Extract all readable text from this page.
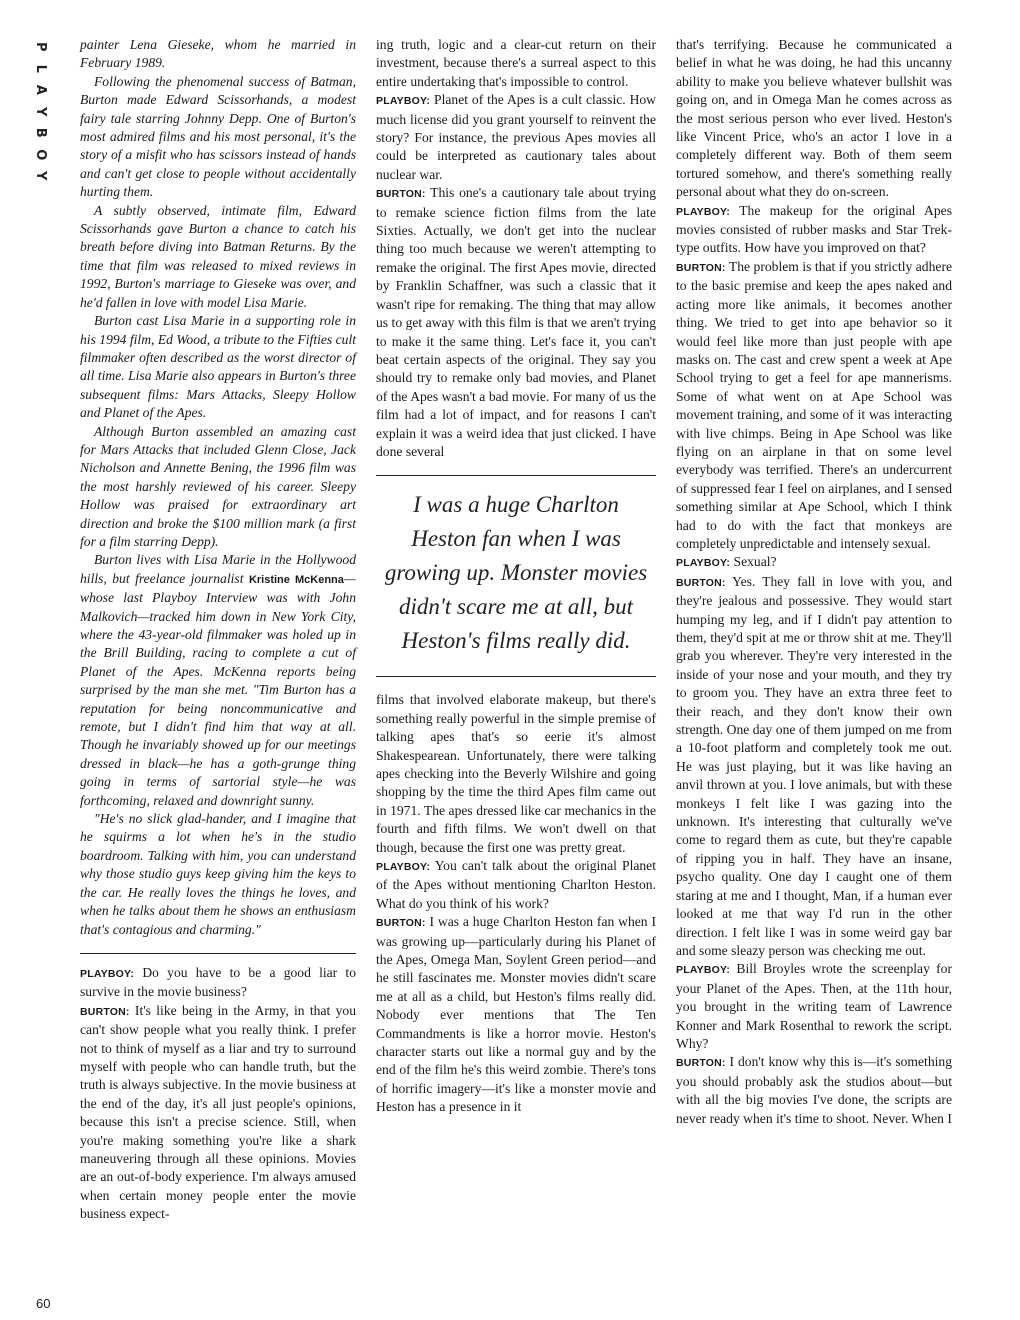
P
L
A
Y
B
O
Y
60

painter Lena Gieseke, whom he married in February 1989.

Following the phenomenal success of Batman, Burton made Edward Scissorhands, a modest fairy tale starring Johnny Depp. One of Burton's most admired films and his most personal, it's the story of a misfit who has scissors instead of hands and can't get close to people without accidentally hurting them.

A subtly observed, intimate film, Edward Scissorhands gave Burton a chance to catch his breath before diving into Batman Returns. By the time that film was released to mixed reviews in 1992, Burton's marriage to Gieseke was over, and he'd fallen in love with model Lisa Marie.

Burton cast Lisa Marie in a supporting role in his 1994 film, Ed Wood, a tribute to the Fifties cult filmmaker often described as the worst director of all time. Lisa Marie also appears in Burton's three subsequent films: Mars Attacks, Sleepy Hollow and Planet of the Apes.

Although Burton assembled an amazing cast for Mars Attacks that included Glenn Close, Jack Nicholson and Annette Bening, the 1996 film was the most harshly reviewed of his career. Sleepy Hollow was praised for extraordinary art direction and broke the $100 million mark (a first for a film starring Depp).

Burton lives with Lisa Marie in the Hollywood hills, but freelance journalist Kristine McKenna—whose last Playboy Interview was with John Malkovich—tracked him down in New York City, where the 43-year-old filmmaker was holed up in the Brill Building, racing to complete a cut of Planet of the Apes. McKenna reports being surprised by the man she met. "Tim Burton has a reputation for being noncommunicative and remote, but I didn't find him that way at all. Though he invariably showed up for our meetings dressed in black—he has a goth-grunge thing going in terms of sartorial style—he was forthcoming, relaxed and downright sunny.

"He's no slick glad-hander, and I imagine that he squirms a lot when he's in the studio boardroom. Talking with him, you can understand why those studio guys keep giving him the keys to the car. He really loves the things he loves, and when he talks about them he shows an enthusiasm that's contagious and charming."

PLAYBOY: Do you have to be a good liar to survive in the movie business?

BURTON: It's like being in the Army, in that you can't show people what you really think. I prefer not to think of myself as a liar and try to surround myself with people who can handle truth, but the truth is always subjective. In the movie business at the end of the day, it's all just people's opinions, because this isn't a precise science. Still, when you're making something you're like a shark maneuvering through all these opinions. Movies are an out-of-body experience. I'm always amused when certain money people enter the movie business expect-

ing truth, logic and a clear-cut return on their investment, because there's a surreal aspect to this entire undertaking that's impossible to control.

PLAYBOY: Planet of the Apes is a cult classic. How much license did you grant yourself to reinvent the story? For instance, the previous Apes movies all could be interpreted as cautionary tales about nuclear war.

BURTON: This one's a cautionary tale about trying to remake science fiction films from the late Sixties. Actually, we don't get into the nuclear thing too much because we weren't attempting to remake the original. The first Apes movie, directed by Franklin Schaffner, was such a classic that it wasn't ripe for remaking. The thing that may allow us to get away with this film is that we aren't trying to make it the same thing. Let's face it, you can't beat certain aspects of the original. They say you should try to remake only bad movies, and Planet of the Apes wasn't a bad movie. For many of us the film had a lot of impact, and for reasons I can't explain it was a weird idea that just clicked. I have done several

I was a huge Charlton Heston fan when I was growing up. Monster movies didn't scare me at all, but Heston's films really did.

films that involved elaborate makeup, but there's something really powerful in the simple premise of talking apes that's so eerie it's almost Shakespearean. Unfortunately, there were talking apes checking into the Beverly Wilshire and going shopping by the time the third Apes film came out in 1971. The apes dressed like car mechanics in the fourth and fifth films. We won't dwell on that though, because the first one was pretty great.

PLAYBOY: You can't talk about the original Planet of the Apes without mentioning Charlton Heston. What do you think of his work?

BURTON: I was a huge Charlton Heston fan when I was growing up—particularly during his Planet of the Apes, Omega Man, Soylent Green period—and he still fascinates me. Monster movies didn't scare me at all as a child, but Heston's films really did. Nobody ever mentions that The Ten Commandments is like a horror movie. Heston's character starts out like a normal guy and by the end of the film he's this weird zombie. There's tons of horrific imagery—it's like a monster movie and Heston has a presence in it

that's terrifying. Because he communicated a belief in what he was doing, he had this uncanny ability to make you believe whatever bullshit was going on, and in Omega Man he comes across as the most serious person who ever lived. Heston's like Vincent Price, who's an actor I love in a completely different way. Both of them seem tortured somehow, and there's something really personal about what they do on-screen.

PLAYBOY: The makeup for the original Apes movies consisted of rubber masks and Star Trek-type outfits. How have you improved on that?

BURTON: The problem is that if you strictly adhere to the basic premise and keep the apes naked and acting more like animals, it becomes another thing. We tried to get into ape behavior so it would feel like more than just people with ape masks on. The cast and crew spent a week at Ape School trying to get a feel for ape mannerisms. Some of what went on at Ape School was movement training, and some of it was interacting with live chimps. Being in Ape School was like flying on an airplane in that on some level everybody was terrified. There's an undercurrent of suppressed fear I feel on airplanes, and I sensed something similar at Ape School, which I think had to do with the fact that monkeys are completely unpredictable and intensely sexual.

PLAYBOY: Sexual?

BURTON: Yes. They fall in love with you, and they're jealous and possessive. They would start humping my leg, and if I didn't pay attention to them, they'd spit at me or throw shit at me. They'll grab you wherever. They're very interested in the inside of your nose and your mouth, and they try to groom you. They have an extra three feet to their reach, and they don't know their own strength. One day one of them jumped on me from a 10-foot platform and completely took me out. He was just playing, but it was like having an anvil thrown at you. I love animals, but with these monkeys I felt like I was gazing into the unknown. It's interesting that culturally we've come to regard them as cute, but they're capable of ripping you in half. They have an insane, psycho quality. One day I caught one of them staring at me and I thought, Man, if a human ever looked at me that way I'd run in the other direction. I felt like I was in some weird gay bar and some sleazy person was checking me out.

PLAYBOY: Bill Broyles wrote the screenplay for your Planet of the Apes. Then, at the 11th hour, you brought in the writing team of Lawrence Konner and Mark Rosenthal to rework the script. Why?

BURTON: I don't know why this is—it's something you should probably ask the studios about—but with all the big movies I've done, the scripts are never ready when it's time to shoot. Never. When I
